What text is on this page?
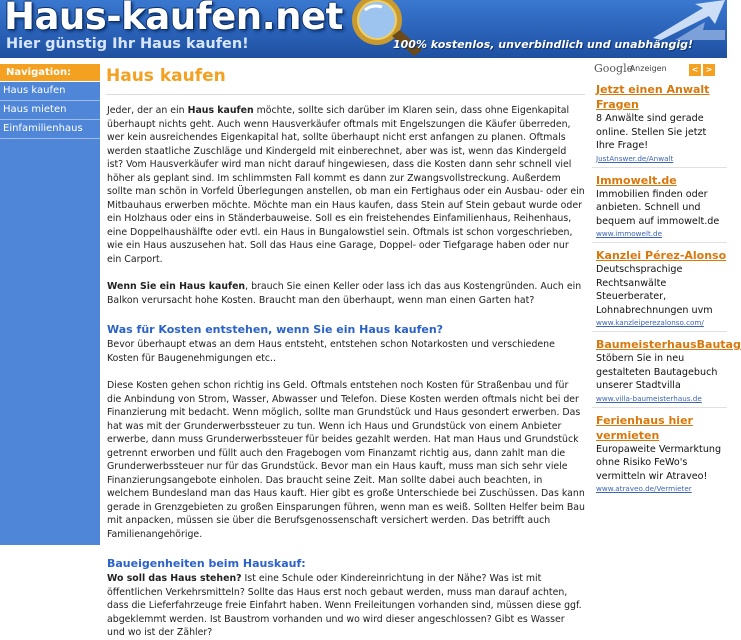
Haus-kaufen.net
Hier günstig Ihr Haus kaufen!	100% kostenlos, unverbindlich und unabhängig!
Navigation:
Haus kaufen
Haus mieten
Einfamilienhaus
Haus kaufen

Jeder, der an ein Haus kaufen möchte, sollte sich darüber im Klaren sein, dass ohne Eigenkapital überhaupt nichts geht. Auch wenn Hausverkäufer oftmals mit Engelszungen die Käufer überreden, wer kein ausreichendes Eigenkapital hat, sollte überhaupt nicht erst anfangen zu planen. Oftmals werden staatliche Zuschläge und Kindergeld mit einberechnet, aber was ist, wenn das Kindergeld ist? Vom Hausverkäufer wird man nicht darauf hingewiesen, dass die Kosten dann sehr schnell viel höher als geplant sind. Im schlimmsten Fall kommt es dann zur Zwangsvollstreckung. Außerdem sollte man schön in Vorfeld Überlegungen anstellen, ob man ein Fertighaus oder ein Ausbau- oder ein Mitbauhaus erwerben möchte. Möchte man ein Haus kaufen, dass Stein auf Stein gebaut wurde oder ein Holzhaus oder eins in Ständerbauweise. Soll es ein freistehendes Einfamilienhaus, Reihenhaus, eine Doppelhaushälfte oder evtl. ein Haus in Bungalowstiel sein. Oftmals ist schon vorgeschrieben, wie ein Haus auszusehen hat. Soll das Haus eine Garage, Doppel- oder Tiefgarage haben oder nur ein Carport.

Wenn Sie ein Haus kaufen, brauch Sie einen Keller oder lass ich das aus Kostengründen. Auch ein Balkon verursacht hohe Kosten. Braucht man den überhaupt, wenn man einen Garten hat?

Was für Kosten entstehen, wenn Sie ein Haus kaufen?

Bevor überhaupt etwas an dem Haus entsteht, entstehen schon Notarkosten und verschiedene Kosten für Baugenehmigungen etc..

Diese Kosten gehen schon richtig ins Geld. Oftmals entstehen noch Kosten für Straßenbau und für die Anbindung von Strom, Wasser, Abwasser und Telefon. Diese Kosten werden oftmals nicht bei der Finanzierung mit bedacht. Wenn möglich, sollte man Grundstück und Haus gesondert erwerben. Das hat was mit der Grunderwerbssteuer zu tun. Wenn ich Haus und Grundstück von einem Anbieter erwerbe, dann muss Grunderwerbssteuer für beides gezahlt werden. Hat man Haus und Grundstück getrennt erworben und füllt auch den Fragebogen vom Finanzamt richtig aus, dann zahlt man die Grunderwerbssteuer nur für das Grundstück. Bevor man ein Haus kauft, muss man sich sehr viele Finanzierungsangebote einholen. Das braucht seine Zeit. Man sollte dabei auch beachten, in welchem Bundesland man das Haus kauft. Hier gibt es große Unterschiede bei Zuschüssen. Das kann gerade in Grenzgebieten zu großen Einsparungen führen, wenn man es weiß. Sollten Helfer beim Bau mit anpacken, müssen sie über die Berufsgenossenschaft versichert werden. Das betrifft auch Familienangehörige.

Baueigenheiten beim Hauskauf:

Wo soll das Haus stehen? Ist eine Schule oder Kindereinrichtung in der Nähe? Was ist mit öffentlichen Verkehrsmitteln? Sollte das Haus erst noch gebaut werden, muss man darauf achten, dass die Lieferfahrzeuge freie Einfahrt haben. Wenn Freileitungen vorhanden sind, müssen diese ggf. abgeklemmt werden. Ist Baustrom vorhanden und wo wird dieser angeschlossen? Gibt es Wasser und wo ist der Zähler?

Google
-Anzeigen	< >
Jetzt einen Anwalt Fragen
8 Anwälte sind gerade online. Stellen Sie jetzt Ihre Frage!
JustAnswer.de/Anwalt
Immowelt.de
Immobilien finden oder anbieten. Schnell und bequem auf immowelt.de
www.immowelt.de
Kanzlei Pérez-Alonso
Deutschsprachige Rechtsanwälte Steuerberater, Lohnabrechnungen uvm
www.kanzleiperezalonso.com/
BaumeisterhausBautag
Stöbern Sie in neu gestalteten Bautagebuch unserer Stadtvilla
www.villa-baumeisterhaus.de
Ferienhaus hier vermieten
Europaweite Vermarktung ohne Risiko FeWo's vermitteln wir Atraveo!
www.atraveo.de/Vermieter
